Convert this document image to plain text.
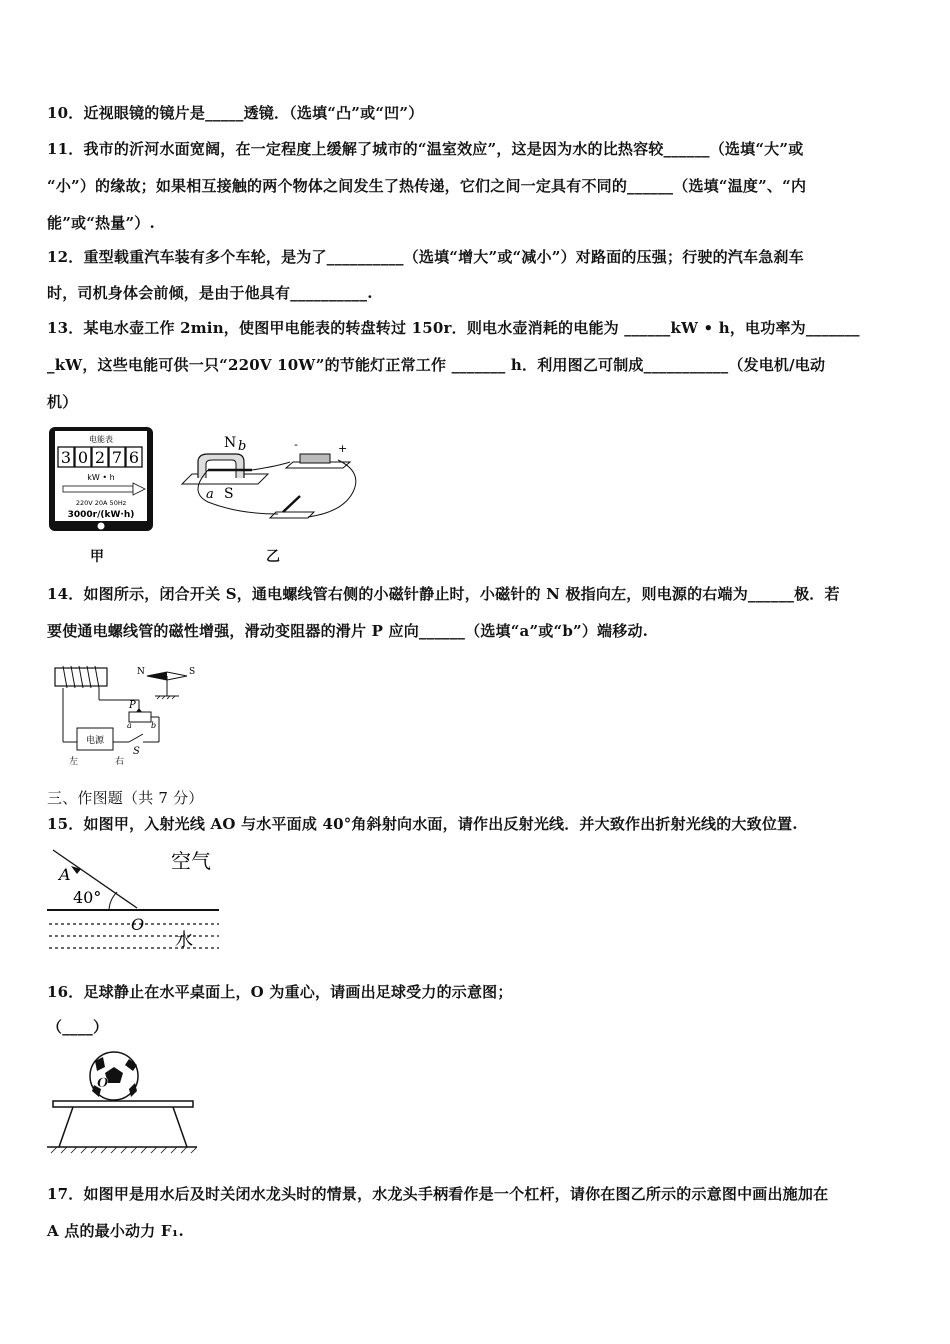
10．近视眼镜的镜片是_____透镜．（选填“凸”或“凹”）
11．我市的沂河水面宽阔，在一定程度上缓解了城市的“温室效应”，这是因为水的比热容较______（选填“大”或
“小”）的缘故；如果相互接触的两个物体之间发生了热传递，它们之间一定具有不同的______（选填“温度”、“内
能”或“热量”）.
12．重型载重汽车装有多个车轮，是为了__________（选填“增大”或“减小”）对路面的压强；行驶的汽车急刹车
时，司机身体会前倾，是由于他具有__________.
13．某电水壶工作 2min，使图甲电能表的转盘转过 150r．则电水壶消耗的电能为 ______kW • h，电功率为_______
_kW，这些电能可供一只“220V 10W”的节能灯正常工作 _______ h．利用图乙可制成___________（发电机/电动
机）
电能表
3 0 2 7 6
kW • h
220V 20A 50Hz
3000r/(kW·h)
甲
N b
a S
-	+
乙
14．如图所示，闭合开关 S，通电螺线管右侧的小磁针静止时，小磁针的 N 极指向左，则电源的右端为______极．若
要使通电螺线管的磁性增强，滑动变阻器的滑片 P 应向______（选填“a”或“b”）端移动.
电源
P
a b
S
左	右
N	S
三、作图题（共 7 分）
15．如图甲，入射光线 AO 与水平面成 40°角斜射向水面，请作出反射光线．并大致作出折射光线的大致位置.
A
40°
O
空气
水
16．足球静止在水平桌面上，O 为重心，请画出足球受力的示意图；
（____）
O
17．如图甲是用水后及时关闭水龙头时的情景，水龙头手柄看作是一个杠杆，请你在图乙所示的示意图中画出施加在
A 点的最小动力 F₁.
